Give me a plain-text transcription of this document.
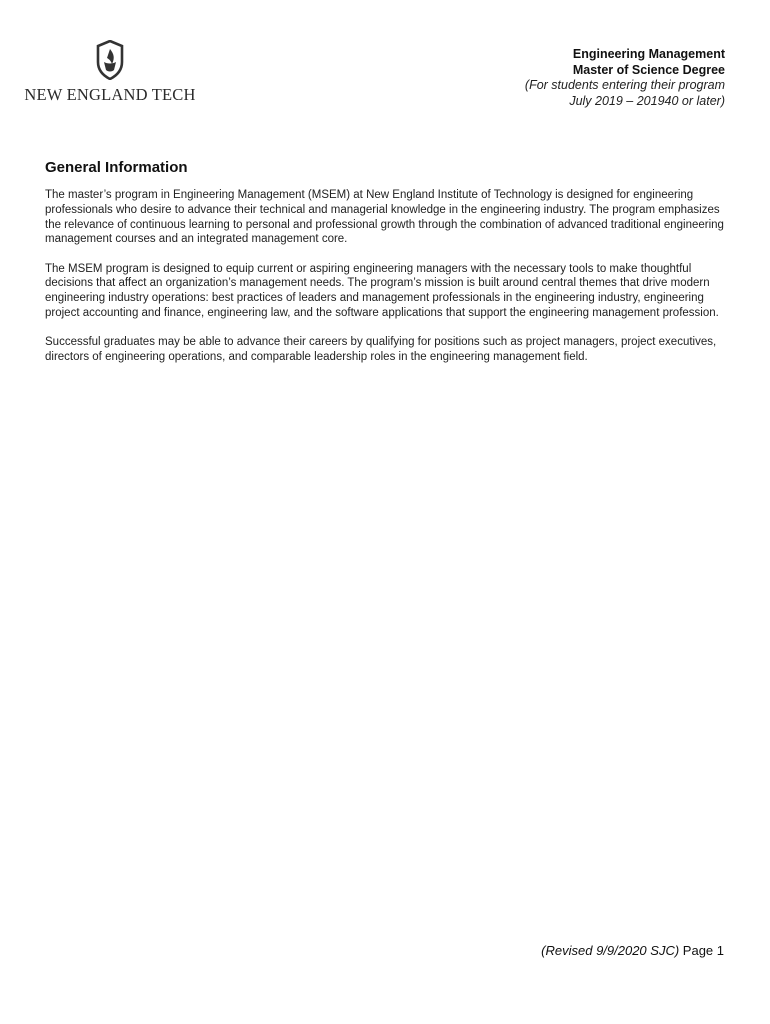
NEW ENGLAND TECH
Engineering Management
Master of Science Degree
(For students entering their program
July 2019 – 201940 or later)
General Information

The master’s program in Engineering Management (MSEM) at New England Institute of Technology is designed for engineering professionals who desire to advance their technical and managerial knowledge in the engineering industry. The program emphasizes the relevance of continuous learning to personal and professional growth through the combination of advanced traditional engineering management courses and an integrated management core.

The MSEM program is designed to equip current or aspiring engineering managers with the necessary tools to make thoughtful decisions that affect an organization’s management needs. The program’s mission is built around central themes that drive modern engineering industry operations: best practices of leaders and management professionals in the engineering industry, engineering project accounting and finance, engineering law, and the software applications that support the engineering management profession.

Successful graduates may be able to advance their careers by qualifying for positions such as project managers, project executives, directors of engineering operations, and comparable leadership roles in the engineering management field.

(Revised 9/9/2020 SJC) Page 1
